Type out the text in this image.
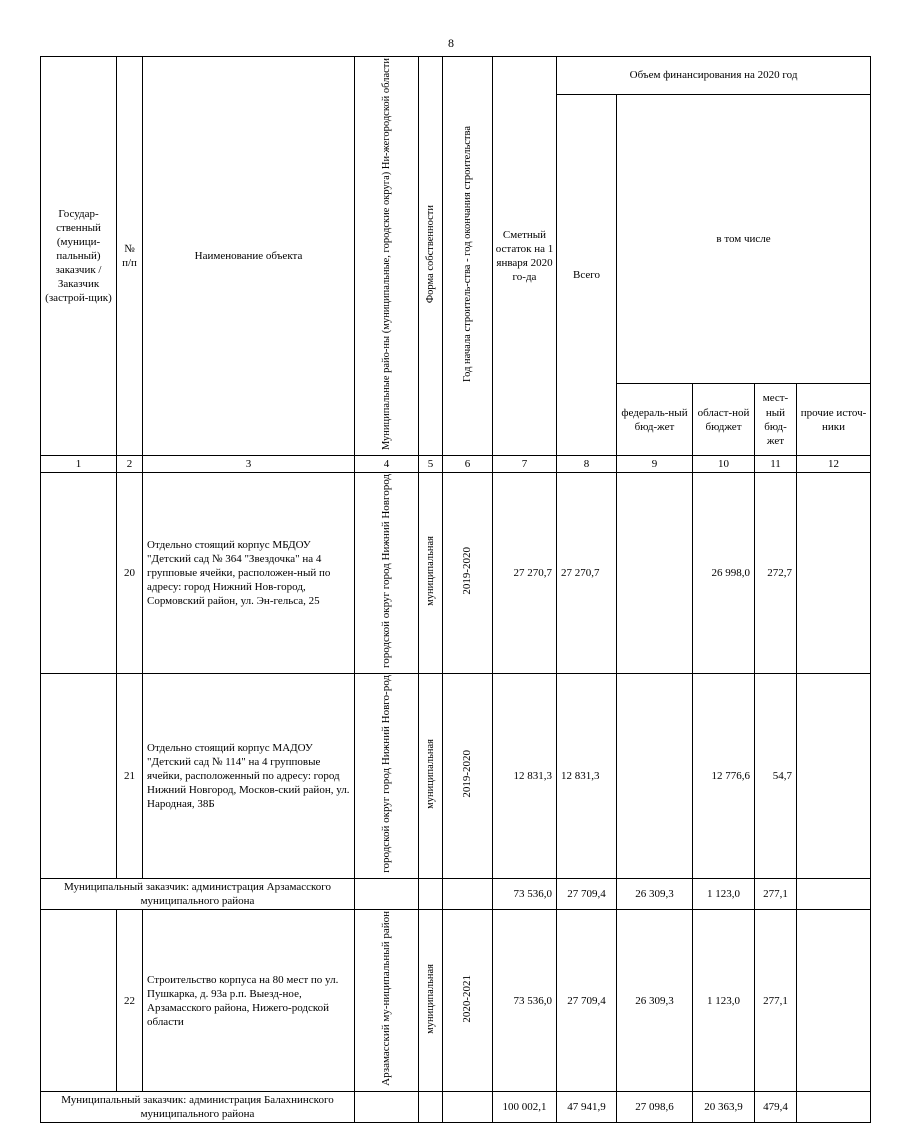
8
Государ-ственный (муници-пальный) заказчик / Заказчик (застрой-щик)	№ п/п	Наименование объекта	Муниципальные райо-ны (муниципальные, городские округа) Ни-жегородской области	Форма собственности	Год начала строитель-ства - год окончания строительства	Сметный остаток на 1 января 2020 го-да	Объем финансирования на 2020 год				
							Всего	в том числе			
								федераль-ный бюд-жет	област-ной бюджет	мест-ный бюд-жет	прочие источ-ники
1	2	3	4	5	6	7	8	9	10	11	12
	20	Отдельно стоящий корпус МБДОУ "Детский сад № 364 "Звездочка" на 4 групповые ячейки, расположен-ный по адресу: город Нижний Нов-город, Сормовский район, ул. Эн-гельса, 25	городской округ город Нижний Новгород	муниципальная	2019-2020	27 270,7	27 270,7		26 998,0	272,7	
	21	Отдельно стоящий корпус МАДОУ "Детский сад № 114" на 4 групповые ячейки, расположенный по адресу: город Нижний Новгород, Москов-ский район, ул. Народная, 38Б	городской округ город Нижний Новго-род	муниципальная	2019-2020	12 831,3	12 831,3		12 776,6	54,7	
Муниципальный заказчик: администрация Арзамасского муниципального района						73 536,0	27 709,4	26 309,3	1 123,0	277,1	
	22	Строительство корпуса на 80 мест по ул. Пушкарка, д. 93а р.п. Выезд-ное, Арзамасского района, Нижего-родской области	Арзамасский му-ниципальный район	муниципальная	2020-2021	73 536,0	27 709,4	26 309,3	1 123,0	277,1	
Муниципальный заказчик: администрация Балахнинского муниципального района						100 002,1	47 941,9	27 098,6	20 363,9	479,4	
